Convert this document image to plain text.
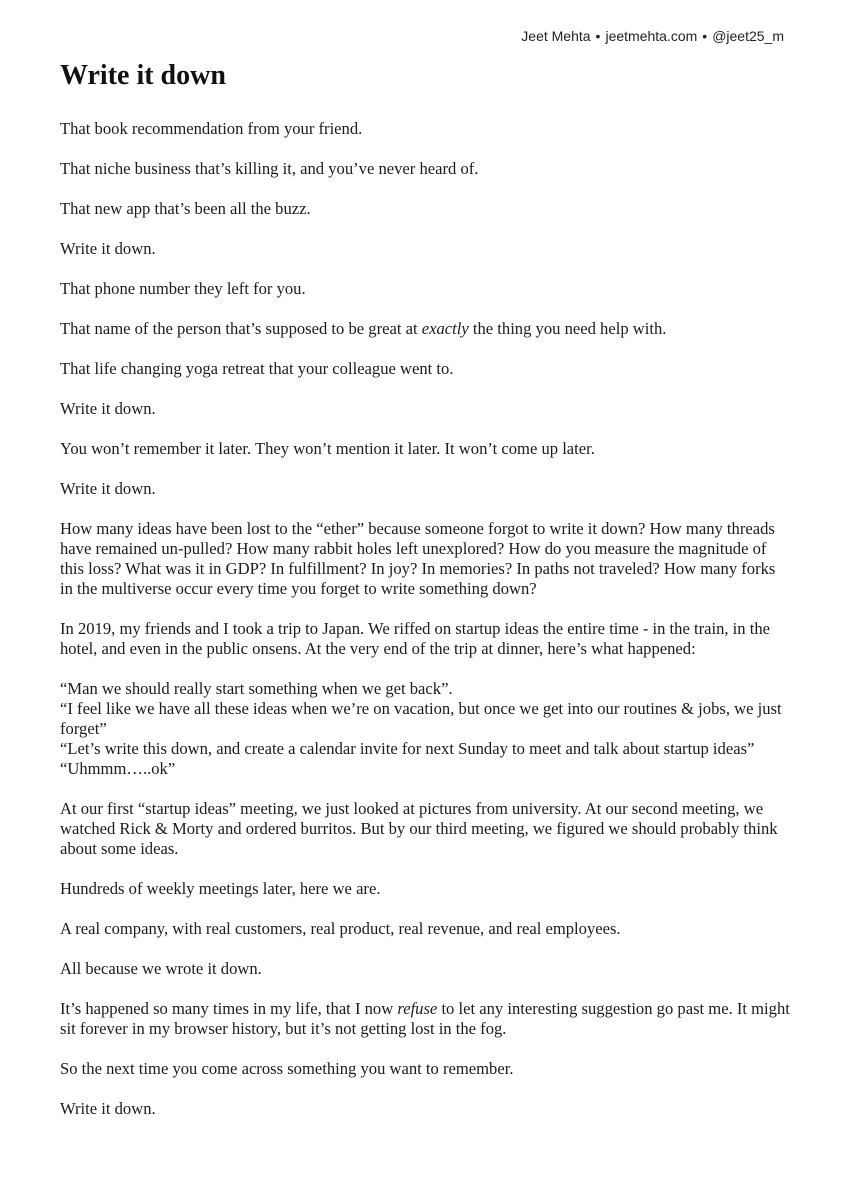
Jeet Mehta • jeetmehta.com • @jeet25_m
Write it down

That book recommendation from your friend.

That niche business that’s killing it, and you’ve never heard of.

That new app that’s been all the buzz.

Write it down.

That phone number they left for you.

That name of the person that’s supposed to be great at exactly the thing you need help with.

That life changing yoga retreat that your colleague went to.

Write it down.

You won’t remember it later. They won’t mention it later. It won’t come up later.

Write it down.

How many ideas have been lost to the “ether” because someone forgot to write it down? How many threads have remained un-pulled? How many rabbit holes left unexplored? How do you measure the magnitude of this loss? What was it in GDP? In fulfillment? In joy? In memories? In paths not traveled? How many forks in the multiverse occur every time you forget to write something down?

In 2019, my friends and I took a trip to Japan. We riffed on startup ideas the entire time - in the train, in the hotel, and even in the public onsens. At the very end of the trip at dinner, here’s what happened:

“Man we should really start something when we get back”.
“I feel like we have all these ideas when we’re on vacation, but once we get into our routines & jobs, we just forget”
“Let’s write this down, and create a calendar invite for next Sunday to meet and talk about startup ideas”
“Uhmmm…..ok”

At our first “startup ideas” meeting, we just looked at pictures from university. At our second meeting, we watched Rick & Morty and ordered burritos. But by our third meeting, we figured we should probably think about some ideas.

Hundreds of weekly meetings later, here we are.

A real company, with real customers, real product, real revenue, and real employees.

All because we wrote it down.

It’s happened so many times in my life, that I now refuse to let any interesting suggestion go past me. It might sit forever in my browser history, but it’s not getting lost in the fog.

So the next time you come across something you want to remember.

Write it down.
